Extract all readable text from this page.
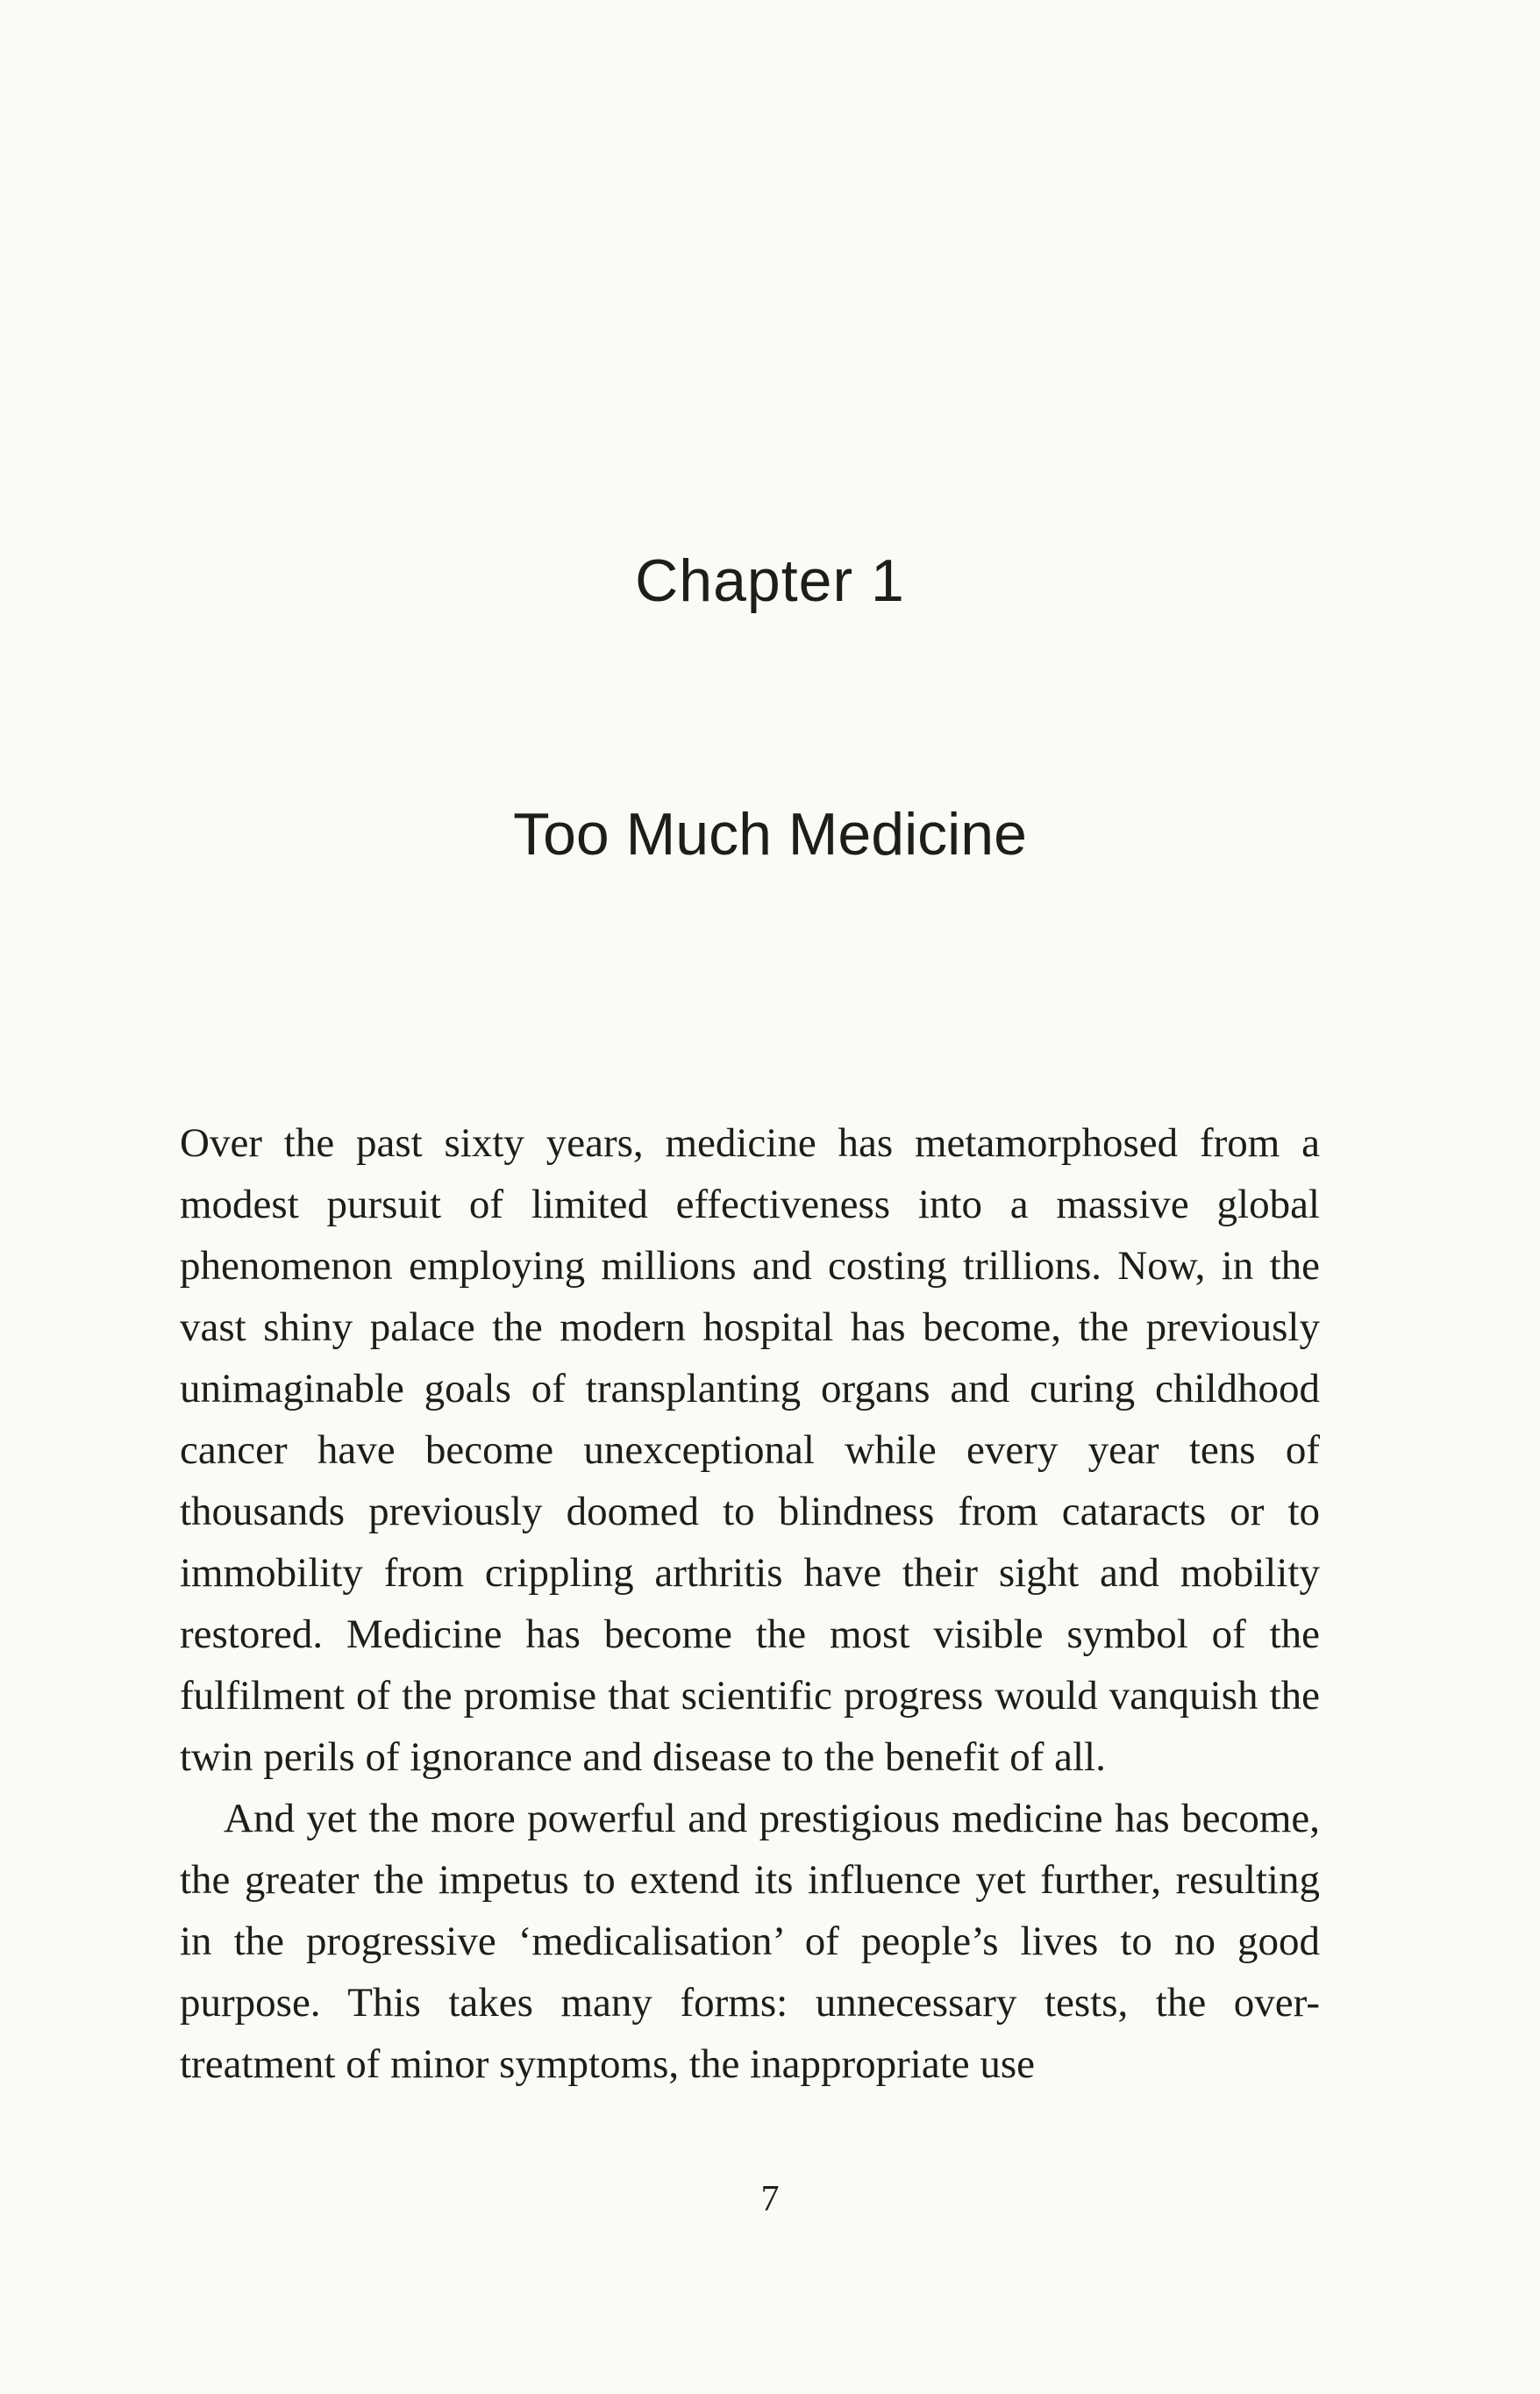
Chapter 1
Too Much Medicine

Over the past sixty years, medicine has metamorphosed from a modest pursuit of limited effectiveness into a massive global phenomenon employing millions and costing trillions. Now, in the vast shiny palace the modern hospital has become, the previously unimaginable goals of transplanting organs and curing childhood cancer have become unexceptional while every year tens of thousands previously doomed to blindness from cataracts or to immobility from crippling arthritis have their sight and mobility restored. Medicine has become the most visible symbol of the fulfilment of the promise that scientific progress would vanquish the twin perils of ignorance and disease to the benefit of all.

And yet the more powerful and prestigious medicine has become, the greater the impetus to extend its influence yet further, resulting in the progressive ‘medicalisation’ of people’s lives to no good purpose. This takes many forms: unnecessary tests, the over-treatment of minor symptoms, the inappropriate use

7
